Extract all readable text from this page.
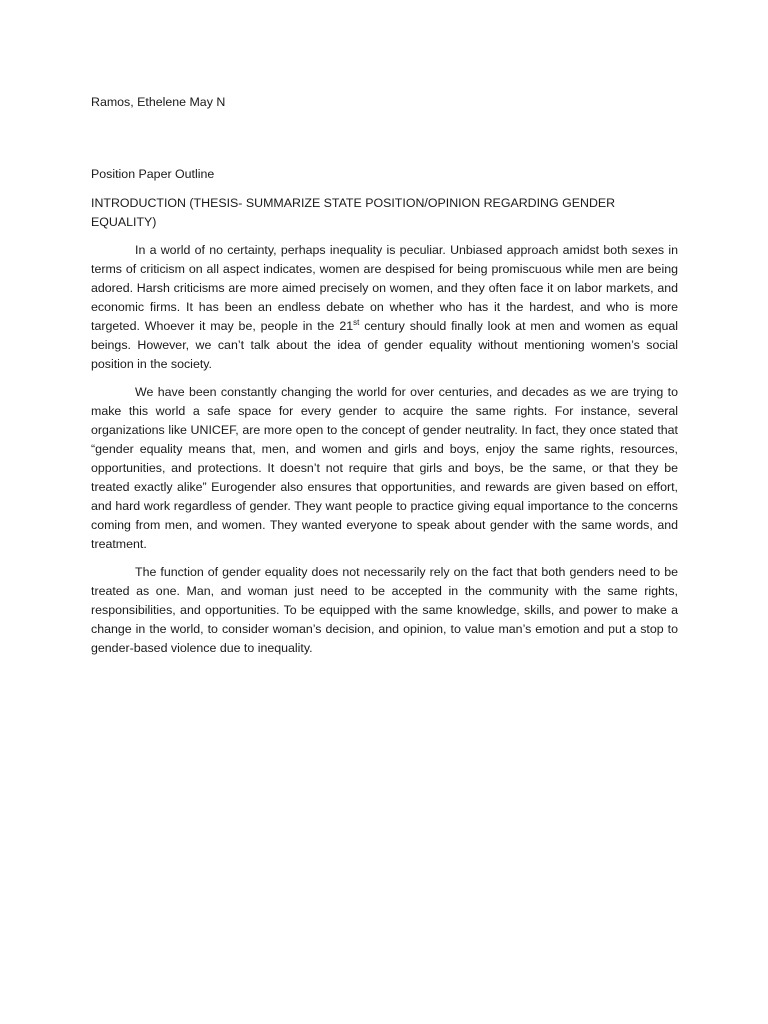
Ramos, Ethelene May N

Position Paper Outline

INTRODUCTION (THESIS- SUMMARIZE STATE POSITION/OPINION REGARDING GENDER EQUALITY)

In a world of no certainty, perhaps inequality is peculiar. Unbiased approach amidst both sexes in terms of criticism on all aspect indicates, women are despised for being promiscuous while men are being adored. Harsh criticisms are more aimed precisely on women, and they often face it on labor markets, and economic firms. It has been an endless debate on whether who has it the hardest, and who is more targeted. Whoever it may be, people in the 21st century should finally look at men and women as equal beings. However, we can’t talk about the idea of gender equality without mentioning women’s social position in the society.

We have been constantly changing the world for over centuries, and decades as we are trying to make this world a safe space for every gender to acquire the same rights. For instance, several organizations like UNICEF, are more open to the concept of gender neutrality. In fact, they once stated that “gender equality means that, men, and women and girls and boys, enjoy the same rights, resources, opportunities, and protections. It doesn’t not require that girls and boys, be the same, or that they be treated exactly alike” Eurogender also ensures that opportunities, and rewards are given based on effort, and hard work regardless of gender. They want people to practice giving equal importance to the concerns coming from men, and women. They wanted everyone to speak about gender with the same words, and treatment.

The function of gender equality does not necessarily rely on the fact that both genders need to be treated as one. Man, and woman just need to be accepted in the community with the same rights, responsibilities, and opportunities. To be equipped with the same knowledge, skills, and power to make a change in the world, to consider woman’s decision, and opinion, to value man’s emotion and put a stop to gender-based violence due to inequality.
